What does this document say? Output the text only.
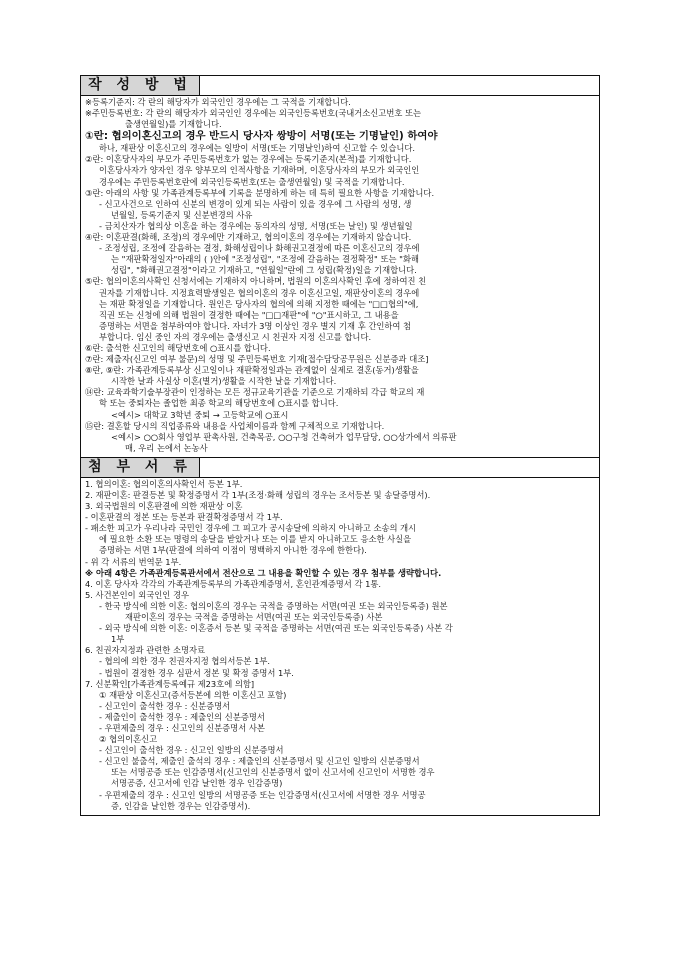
작 성 방 법
※등록기준지: 각 란의 해당자가 외국인인 경우에는 그 국적을 기재합니다.
※주민등록번호: 각 란의 해당자가 외국인인 경우에는 외국인등록번호(국내거소신고번호 또는
출생연월일)를 기재합니다.
①란: 협의이혼신고의 경우 반드시 당사자 쌍방이 서명(또는 기명날인) 하여야
하나, 재판상 이혼신고의 경우에는 일방이 서명(또는 기명날인)하여 신고할 수 있습니다.
②란: 이혼당사자의 부모가 주민등록번호가 없는 경우에는 등록기준지(본적)를 기재합니다.
이혼당사자가 양자인 경우 양부모의 인적사항을 기재하며, 이혼당사자의 부모가 외국인인
경우에는 주민등록번호란에 외국인등록번호(또는 출생연월일) 및 국적을 기재합니다.
③란: 아래의 사항 및 가족관계등록부에 기록을 분명하게 하는 데 특히 필요한 사항을 기재합니다.
- 신고사건으로 인하여 신분의 변경이 있게 되는 사람이 있을 경우에 그 사람의 성명, 생
년월일, 등록기준지 및 신분변경의 사유
- 금치산자가 협의상 이혼을 하는 경우에는 동의자의 성명, 서명(또는 날인) 및 생년월일
④란: 이혼판결(화해, 조정)의 경우에만 기재하고, 협의이혼의 경우에는 기재하지 않습니다.
- 조정성립, 조정에 갈음하는 결정, 화해성립이나 화해권고결정에 따른 이혼신고의 경우에
는 "재판확정일자"아래의 ( )안에 "조정성립", "조정에 갈음하는 결정확정" 또는 "화해
성립", "화해권고결정"이라고 기재하고, "연월일"란에 그 성립(확정)일을 기재합니다.
⑤란: 협의이혼의사확인 신청서에는 기재하지 아니하며, 법원의 이혼의사확인 후에 정하여진 친
권자를 기재합니다. 지정효력발생일은 협의이혼의 경우 이혼신고일, 재판상이혼의 경우에
는 재판 확정일을 기재합니다. 원인은 당사자의 협의에 의해 지정한 때에는 "□□협의"에,
직권 또는 신청에 의해 법원이 결정한 때에는 "□□재판"에 "○"표시하고, 그 내용을
증명하는 서면을 첨부하여야 합니다. 자녀가 3명 이상인 경우 별지 기재 후 간인하여 첨
부합니다. 임신 중인 자의 경우에는 출생신고 시 친권자 지정 신고를 합니다.
⑥란: 출석한 신고인의 해당번호에 ○표시를 합니다.
⑦란: 제출자(신고인 여부 불문)의 성명 및 주민등록번호 기재[접수담당공무원은 신분증과 대조]
⑧란, ⑨란: 가족관계등록부상 신고일이나 재판확정일과는 관계없이 실제로 결혼(동거)생활을
시작한 날과 사실상 이혼(별거)생활을 시작한 날을 기재합니다.
⑭란: 교육과학기술부장관이 인정하는 모든 정규교육기관을 기준으로 기재하되 각급 학교의 재
학 또는 중퇴자는 졸업한 최종 학교의 해당번호에 ○표시를 합니다.
<예시> 대학교 3학년 중퇴 → 고등학교에 ○표시
⑮란: 결혼할 당시의 직업종류와 내용을 사업체이름과 함께 구체적으로 기재합니다.
<예시> ○○회사 영업부 판촉사원, 건축목공, ○○구청 건축허가 업무담당, ○○상가에서 의류판
매, 우리 논에서 논농사
첨 부 서 류
1. 협의이혼: 협의이혼의사확인서 등본 1부.
2. 재판이혼: 판결등본 및 확정증명서 각 1부(조정·화해 성립의 경우는 조서등본 및 송달증명서).
3. 외국법원의 이혼판결에 의한 재판상 이혼
- 이혼판결의 정본 또는 등본과 판결확정증명서 각 1부.
- 패소한 피고가 우리나라 국민인 경우에 그 피고가 공시송달에 의하지 아니하고 소송의 개시
에 필요한 소환 또는 명령의 송달을 받았거나 또는 이를 받지 아니하고도 응소한 사실을
증명하는 서면 1부(판결에 의하여 이점이 명백하지 아니한 경우에 한한다).
- 위 각 서류의 번역문 1부.
※ 아래 4항은 가족관계등록관서에서 전산으로 그 내용을 확인할 수 있는 경우 첨부를 생략합니다.
4. 이혼 당사자 각각의 가족관계등록부의 가족관계증명서, 혼인관계증명서 각 1통.
5. 사건본인이 외국인인 경우
- 한국 방식에 의한 이혼: 협의이혼의 경우는 국적을 증명하는 서면(여권 또는 외국인등록증) 원본
재판이혼의 경우는 국적을 증명하는 서면(여권 또는 외국인등록증) 사본
- 외국 방식에 의한 이혼: 이혼증서 등본 및 국적을 증명하는 서면(여권 또는 외국인등록증) 사본 각
1부
6. 친권자지정과 관련한 소명자료
- 협의에 의한 경우 친권자지정 협의서등본 1부.
- 법원이 결정한 경우 심판서 정본 및 확정 증명서 1부.
7. 신분확인[가족관계등록예규 제23호에 의함]
① 재판상 이혼신고(증서등본에 의한 이혼신고 포함)
- 신고인이 출석한 경우 : 신분증명서
- 제출인이 출석한 경우 : 제출인의 신분증명서
- 우편제출의 경우 : 신고인의 신분증명서 사본
② 협의이혼신고
- 신고인이 출석한 경우 : 신고인 일방의 신분증명서
- 신고인 불출석, 제출인 출석의 경우 : 제출인의 신분증명서 및 신고인 일방의 신분증명서
또는 서명공증 또는 인감증명서(신고인의 신분증명서 없이 신고서에 신고인이 서명한 경우
서명공증, 신고서에 인감 날인한 경우 인감증명)
- 우편제출의 경우 : 신고인 일방의 서명공증 또는 인감증명서(신고서에 서명한 경우 서명공
증, 인감을 날인한 경우는 인감증명서).
